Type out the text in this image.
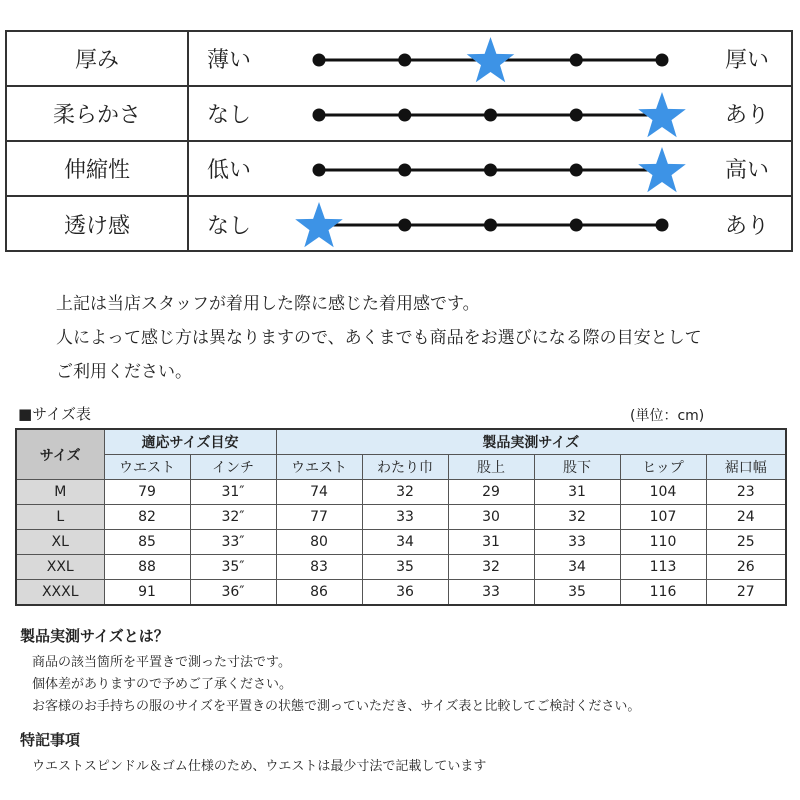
厚み	薄い	厚い
柔らかさ	なし	あり
伸縮性	低い	高い
透け感	なし	あり

上記は当店スタッフが着用した際に感じた着用感です。

人によって感じ方は異なりますので、あくまでも商品をお選びになる際の目安として

ご利用ください。

■サイズ表	(単位：cm)
サイズ	適応サイズ目安		製品実測サイズ					
	ウエスト	インチ	ウエスト	わたり巾	股上	股下	ヒップ	裾口幅
M	79	31″	74	32	29	31	104	23
L	82	32″	77	33	30	32	107	24
XL	85	33″	80	34	31	33	110	25
XXL	88	35″	83	35	32	34	113	26
XXXL	91	36″	86	36	33	35	116	27
製品実測サイズとは？
商品の該当箇所を平置きで測った寸法です。
個体差がありますので予めご了承ください。
お客様のお手持ちの服のサイズを平置きの状態で測っていただき、サイズ表と比較してご検討ください。
特記事項
ウエストスピンドル＆ゴム仕様のため、ウエストは最少寸法で記載しています
